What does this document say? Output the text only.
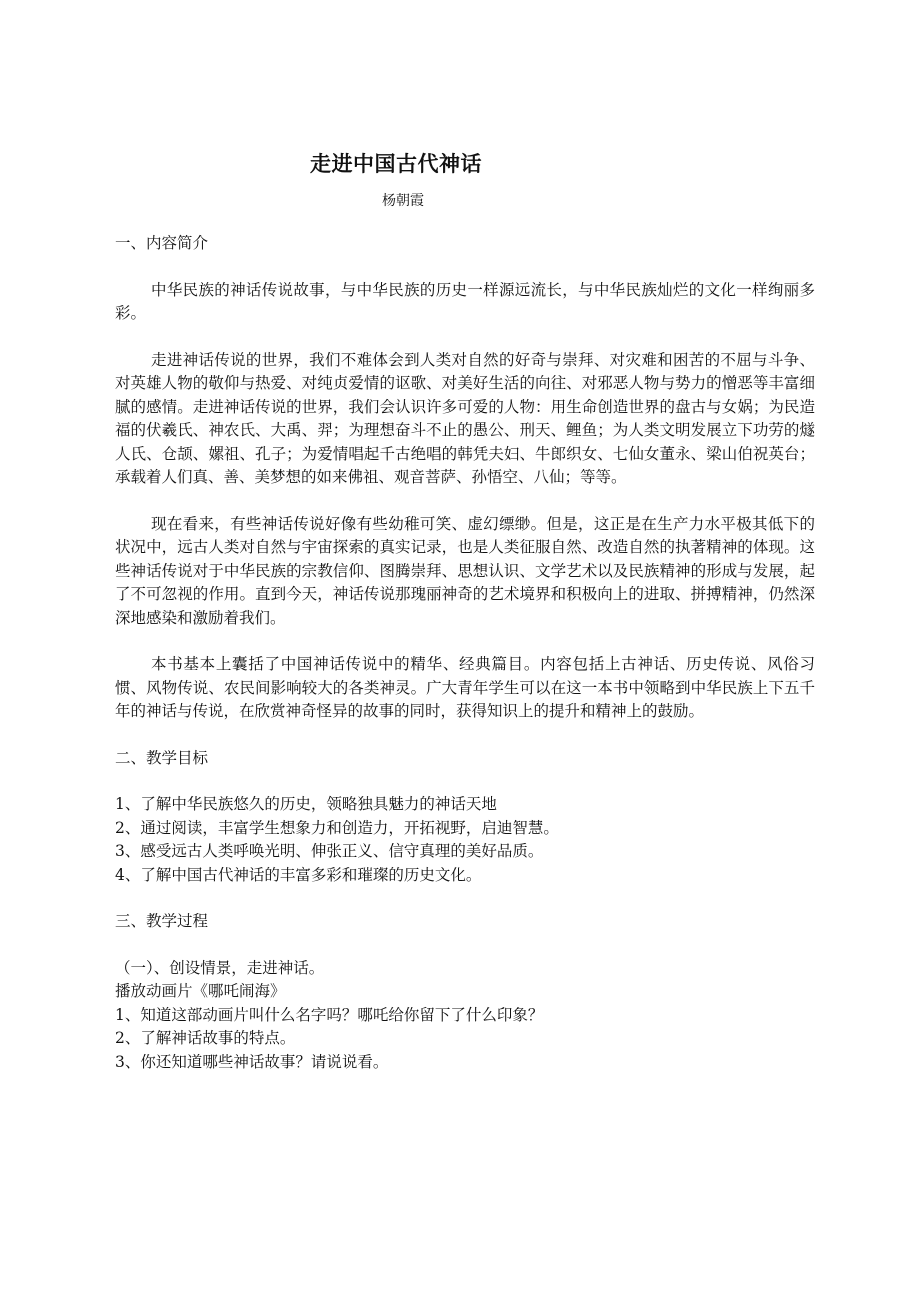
走进中国古代神话
杨朝霞
一、内容简介

中华民族的神话传说故事，与中华民族的历史一样源远流长，与中华民族灿烂的文化一样绚丽多彩。

走进神话传说的世界，我们不难体会到人类对自然的好奇与崇拜、对灾难和困苦的不屈与斗争、对英雄人物的敬仰与热爱、对纯贞爱情的讴歌、对美好生活的向往、对邪恶人物与势力的憎恶等丰富细腻的感情。走进神话传说的世界，我们会认识许多可爱的人物：用生命创造世界的盘古与女娲；为民造福的伏羲氏、神农氏、大禹、羿；为理想奋斗不止的愚公、刑天、鲤鱼；为人类文明发展立下功劳的燧人氏、仓颉、嫘祖、孔子；为爱情唱起千古绝唱的韩凭夫妇、牛郎织女、七仙女董永、梁山伯祝英台；承载着人们真、善、美梦想的如来佛祖、观音菩萨、孙悟空、八仙；等等。

现在看来，有些神话传说好像有些幼稚可笑、虚幻缥缈。但是，这正是在生产力水平极其低下的状况中，远古人类对自然与宇宙探索的真实记录，也是人类征服自然、改造自然的执著精神的体现。这些神话传说对于中华民族的宗教信仰、图腾崇拜、思想认识、文学艺术以及民族精神的形成与发展，起了不可忽视的作用。直到今天，神话传说那瑰丽神奇的艺术境界和积极向上的进取、拼搏精神，仍然深深地感染和激励着我们。

本书基本上囊括了中国神话传说中的精华、经典篇目。内容包括上古神话、历史传说、风俗习惯、风物传说、农民间影响较大的各类神灵。广大青年学生可以在这一本书中领略到中华民族上下五千年的神话与传说，在欣赏神奇怪异的故事的同时，获得知识上的提升和精神上的鼓励。

二、教学目标
1、了解中华民族悠久的历史，领略独具魅力的神话天地
2、通过阅读，丰富学生想象力和创造力，开拓视野，启迪智慧。
3、感受远古人类呼唤光明、伸张正义、信守真理的美好品质。
4、了解中国古代神话的丰富多彩和璀璨的历史文化。
三、教学过程
（一）、创设情景，走进神话。
播放动画片《哪吒闹海》
1、知道这部动画片叫什么名字吗？哪吒给你留下了什么印象？
2、了解神话故事的特点。
3、你还知道哪些神话故事？请说说看。
